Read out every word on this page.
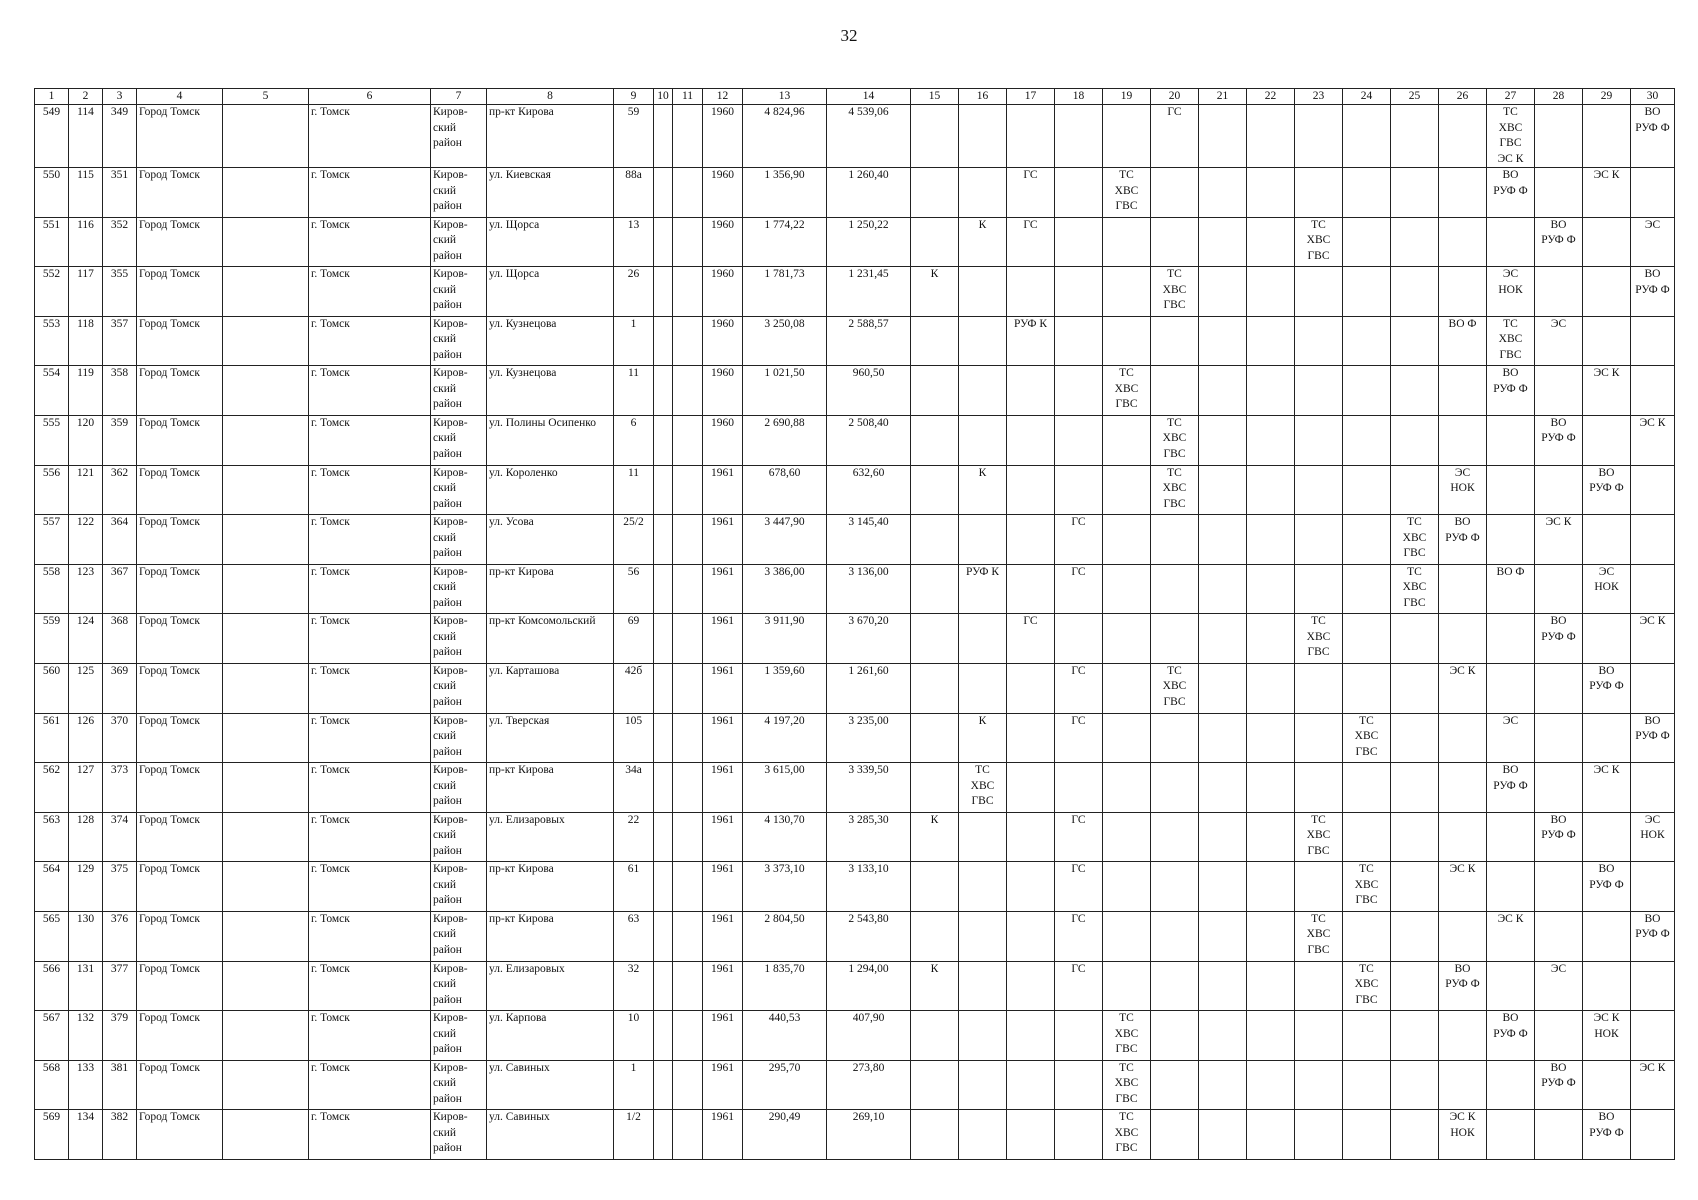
32
1	2	3	4	5	6	7	8	9	10	11	12	13	14	15	16	17	18	19	20	21	22	23	24	25	26	27	28	29	30
549	114	349	Город Томск		г. Томск	Киров-
ский
район	пр-кт Кирова	59			1960	4 824,96	4 539,06						ГС							ТС
ХВС
ГВС
ЭС К			ВО
РУФ Ф
550	115	351	Город Томск		г. Томск	Киров-
ский
район	ул. Киевская	88а			1960	1 356,90	1 260,40			ГС		ТС
ХВС
ГВС								ВО
РУФ Ф		ЭС К	
551	116	352	Город Томск		г. Томск	Киров-
ский
район	ул. Щорса	13			1960	1 774,22	1 250,22		К	ГС						ТС
ХВС
ГВС					ВО
РУФ Ф		ЭС
552	117	355	Город Томск		г. Томск	Киров-
ский
район	ул. Щорса	26			1960	1 781,73	1 231,45	К					ТС
ХВС
ГВС							ЭС
НОК			ВО
РУФ Ф
553	118	357	Город Томск		г. Томск	Киров-
ский
район	ул. Кузнецова	1			1960	3 250,08	2 588,57			РУФ К									ВО Ф	ТС
ХВС
ГВС	ЭС		
554	119	358	Город Томск		г. Томск	Киров-
ский
район	ул. Кузнецова	11			1960	1 021,50	960,50					ТС
ХВС
ГВС								ВО
РУФ Ф		ЭС К	
555	120	359	Город Томск		г. Томск	Киров-
ский
район	ул. Полины Осипенко	6			1960	2 690,88	2 508,40						ТС
ХВС
ГВС								ВО
РУФ Ф		ЭС К
556	121	362	Город Томск		г. Томск	Киров-
ский
район	ул. Короленко	11			1961	678,60	632,60		К				ТС
ХВС
ГВС						ЭС
НОК			ВО
РУФ Ф	
557	122	364	Город Томск		г. Томск	Киров-
ский
район	ул. Усова	25/2			1961	3 447,90	3 145,40				ГС							ТС
ХВС
ГВС	ВО
РУФ Ф		ЭС К		
558	123	367	Город Томск		г. Томск	Киров-
ский
район	пр-кт Кирова	56			1961	3 386,00	3 136,00		РУФ К		ГС							ТС
ХВС
ГВС		ВО Ф		ЭС
НОК	
559	124	368	Город Томск		г. Томск	Киров-
ский
район	пр-кт Комсомольский	69			1961	3 911,90	3 670,20			ГС						ТС
ХВС
ГВС					ВО
РУФ Ф		ЭС К
560	125	369	Город Томск		г. Томск	Киров-
ский
район	ул. Карташова	42б			1961	1 359,60	1 261,60				ГС		ТС
ХВС
ГВС						ЭС К			ВО
РУФ Ф	
561	126	370	Город Томск		г. Томск	Киров-
ский
район	ул. Тверская	105			1961	4 197,20	3 235,00		К		ГС						ТС
ХВС
ГВС			ЭС			ВО
РУФ Ф
562	127	373	Город Томск		г. Томск	Киров-
ский
район	пр-кт Кирова	34а			1961	3 615,00	3 339,50		ТС
ХВС
ГВС											ВО
РУФ Ф		ЭС К	
563	128	374	Город Томск		г. Томск	Киров-
ский
район	ул. Елизаровых	22			1961	4 130,70	3 285,30	К			ГС					ТС
ХВС
ГВС					ВО
РУФ Ф		ЭС
НОК
564	129	375	Город Томск		г. Томск	Киров-
ский
район	пр-кт Кирова	61			1961	3 373,10	3 133,10				ГС						ТС
ХВС
ГВС		ЭС К			ВО
РУФ Ф	
565	130	376	Город Томск		г. Томск	Киров-
ский
район	пр-кт Кирова	63			1961	2 804,50	2 543,80				ГС					ТС
ХВС
ГВС				ЭС К			ВО
РУФ Ф
566	131	377	Город Томск		г. Томск	Киров-
ский
район	ул. Елизаровых	32			1961	1 835,70	1 294,00	К			ГС						ТС
ХВС
ГВС		ВО
РУФ Ф		ЭС		
567	132	379	Город Томск		г. Томск	Киров-
ский
район	ул. Карпова	10			1961	440,53	407,90					ТС
ХВС
ГВС								ВО
РУФ Ф		ЭС К
НОК	
568	133	381	Город Томск		г. Томск	Киров-
ский
район	ул. Савиных	1			1961	295,70	273,80					ТС
ХВС
ГВС									ВО
РУФ Ф		ЭС К
569	134	382	Город Томск		г. Томск	Киров-
ский
район	ул. Савиных	1/2			1961	290,49	269,10					ТС
ХВС
ГВС							ЭС К
НОК			ВО
РУФ Ф	
